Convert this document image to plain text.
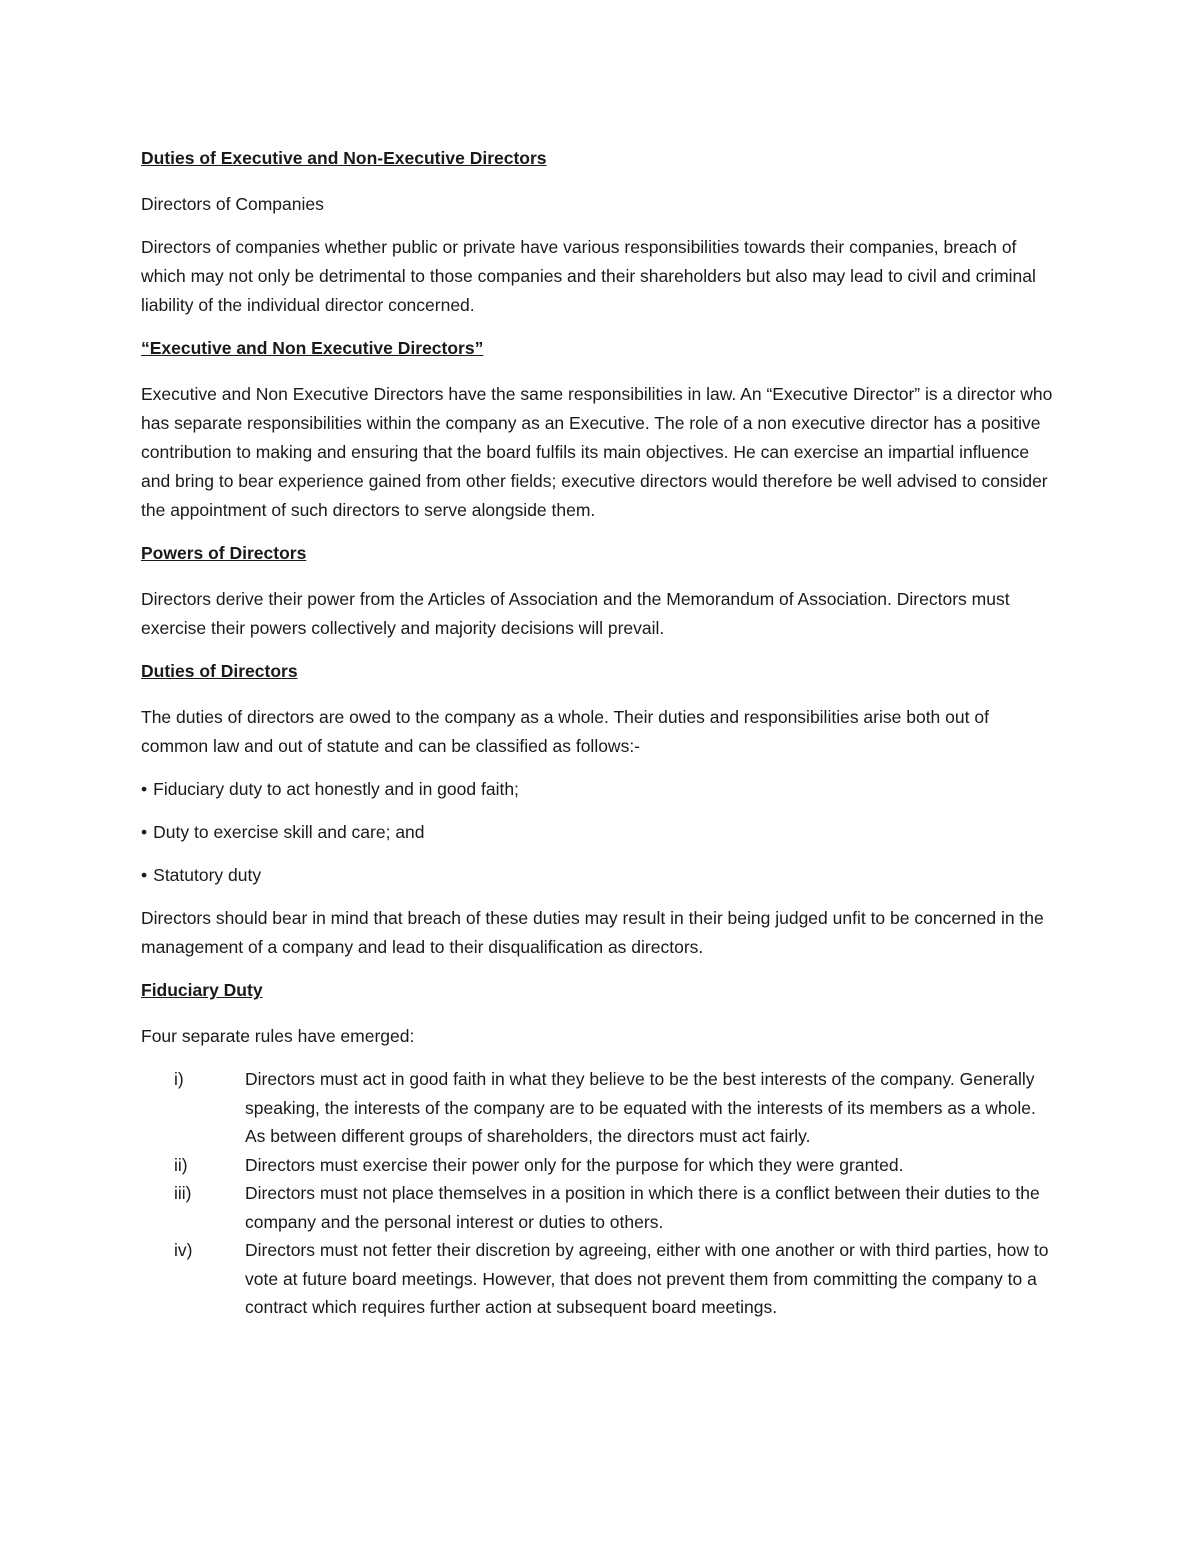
Duties of Executive and Non-Executive Directors

Directors of Companies

Directors of companies whether public or private have various responsibilities towards their companies, breach of which may not only be detrimental to those companies and their shareholders but also may lead to civil and criminal liability of the individual director concerned.

“Executive and Non Executive Directors”

Executive and Non Executive Directors have the same responsibilities in law. An “Executive Director” is a director who has separate responsibilities within the company as an Executive. The role of a non executive director has a positive contribution to making and ensuring that the board fulfils its main objectives. He can exercise an impartial influence and bring to bear experience gained from other fields; executive directors would therefore be well advised to consider the appointment of such directors to serve alongside them.

Powers of Directors

Directors derive their power from the Articles of Association and the Memorandum of Association. Directors must exercise their powers collectively and majority decisions will prevail.

Duties of Directors

The duties of directors are owed to the company as a whole. Their duties and responsibilities arise both out of common law and out of statute and can be classified as follows:-

• Fiduciary duty to act honestly and in good faith;

• Duty to exercise skill and care; and

• Statutory duty

Directors should bear in mind that breach of these duties may result in their being judged unfit to be concerned in the management of a company and lead to their disqualification as directors.

Fiduciary Duty

Four separate rules have emerged:

i)	Directors must act in good faith in what they believe to be the best interests of the company. Generally speaking, the interests of the company are to be equated with the interests of its members as a whole. As between different groups of shareholders, the directors must act fairly.
ii)	Directors must exercise their power only for the purpose for which they were granted.
iii)	Directors must not place themselves in a position in which there is a conflict between their duties to the company and the personal interest or duties to others.
iv)	Directors must not fetter their discretion by agreeing, either with one another or with third parties, how to vote at future board meetings. However, that does not prevent them from committing the company to a contract which requires further action at subsequent board meetings.
